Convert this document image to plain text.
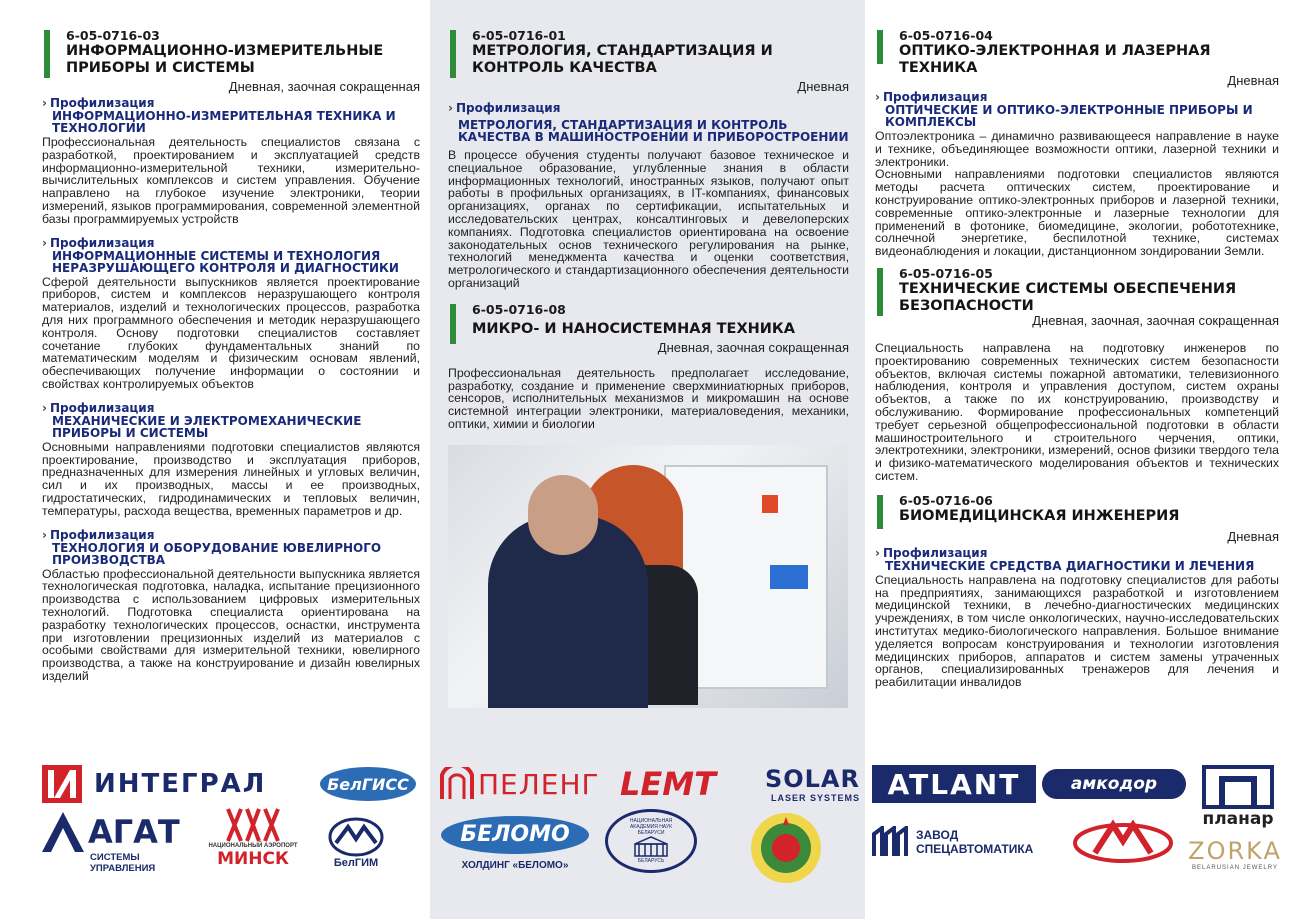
6-05-0716-03
ИНФОРМАЦИОННО-ИЗМЕРИТЕЛЬНЫЕ ПРИБОРЫ И СИСТЕМЫ
Дневная, заочная сокращенная
› Профилизация
ИНФОРМАЦИОННО-ИЗМЕРИТЕЛЬНАЯ ТЕХНИКА И ТЕХНОЛОГИИ

Профессиональная деятельность специалистов связана с разработкой, проектированием и эксплуатацией средств информационно-измерительной техники, измерительно-вычислительных комплексов и систем управления. Обучение направлено на глубокое изучение электроники, теории измерений, языков программирования, современной элементной базы программируемых устройств

› Профилизация
ИНФОРМАЦИОННЫЕ СИСТЕМЫ И ТЕХНОЛОГИЯ НЕРАЗРУШАЮЩЕГО КОНТРОЛЯ И ДИАГНОСТИКИ

Сферой деятельности выпускников является проектирование приборов, систем и комплексов неразрушающего контроля материалов, изделий и технологических процессов, разработка для них программного обеспечения и методик неразрушающего контроля. Основу подготовки специалистов составляет сочетание глубоких фундаментальных знаний по математическим моделям и физическим основам явлений, обеспечивающих получение информации о состоянии и свойствах контролируемых объектов

› Профилизация
МЕХАНИЧЕСКИЕ И ЭЛЕКТРОМЕХАНИЧЕСКИЕ ПРИБОРЫ И СИСТЕМЫ

Основными направлениями подготовки специалистов являются проектирование, производство и эксплуатация приборов, предназначенных для измерения линейных и угловых величин, сил и их производных, массы и ее производных, гидростатических, гидродинамических и тепловых величин, температуры, расхода вещества, временных параметров и др.

› Профилизация
ТЕХНОЛОГИЯ И ОБОРУДОВАНИЕ ЮВЕЛИРНОГО ПРОИЗВОДСТВА

Областью профессиональной деятельности выпускника является технологическая подготовка, наладка, испытание прецизионного производства с использованием цифровых измерительных технологий. Подготовка специалиста ориентирована на разработку технологических процессов, оснастки, инструмента при изготовлении прецизионных изделий из материалов с особыми свойствами для измерительной техники, ювелирного производства, а также на конструирование и дизайн ювелирных изделий

6-05-0716-01
МЕТРОЛОГИЯ, СТАНДАРТИЗАЦИЯ И КОНТРОЛЬ КАЧЕСТВА
Дневная
› Профилизация
МЕТРОЛОГИЯ, СТАНДАРТИЗАЦИЯ И КОНТРОЛЬ КАЧЕСТВА В МАШИНОСТРОЕНИИ И ПРИБОРОСТРОЕНИИ

В процессе обучения студенты получают базовое техническое и специальное образование, углубленные знания в области информационных технологий, иностранных языков, получают опыт работы в профильных организациях, в IT-компаниях, финансовых организациях, органах по сертификации, испытательных и исследовательских центрах, консалтинговых и девелоперских компаниях. Подготовка специалистов ориентирована на освоение законодательных основ технического регулирования на рынке, технологий менеджмента качества и оценки соответствия, метрологического и стандартизационного обеспечения деятельности организаций

6-05-0716-08
МИКРО- И НАНОСИСТЕМНАЯ ТЕХНИКА
Дневная, заочная сокращенная

Профессиональная деятельность предполагает исследование, разработку, создание и применение сверхминиатюрных приборов, сенсоров, исполнительных механизмов и микромашин на основе системной интеграции электроники, материаловедения, механики, оптики, химии и биологии

6-05-0716-04
ОПТИКО-ЭЛЕКТРОННАЯ И ЛАЗЕРНАЯ ТЕХНИКА
Дневная
› Профилизация
ОПТИЧЕСКИЕ И ОПТИКО-ЭЛЕКТРОННЫЕ ПРИБОРЫ И КОМПЛЕКСЫ

Оптоэлектроника – динамично развивающееся направление в науке и технике, объединяющее возможности оптики, лазерной техники и электроники.

Основными направлениями подготовки специалистов являются методы расчета оптических систем, проектирование и конструирование оптико-электронных приборов и лазерной техники, современные оптико-электронные и лазерные технологии для применений в фотонике, биомедицине, экологии, робототехнике, солнечной энергетике, беспилотной технике, системах видеонаблюдения и локации, дистанционном зондировании Земли.

6-05-0716-05
ТЕХНИЧЕСКИЕ СИСТЕМЫ ОБЕСПЕЧЕНИЯ БЕЗОПАСНОСТИ
Дневная, заочная, заочная сокращенная

Специальность направлена на подготовку инженеров по проектированию современных технических систем безопасности объектов, включая системы пожарной автоматики, телевизионного наблюдения, контроля и управления доступом, систем охраны объектов, а также по их конструированию, производству и обслуживанию. Формирование профессиональных компетенций требует серьезной общепрофессиональной подготовки в области машиностроительного и строительного черчения, оптики, электротехники, электроники, измерений, основ физики твердого тела и физико-математического моделирования объектов и технических систем.

6-05-0716-06
БИОМЕДИЦИНСКАЯ ИНЖЕНЕРИЯ
Дневная
› Профилизация
ТЕХНИЧЕСКИЕ СРЕДСТВА ДИАГНОСТИКИ И ЛЕЧЕНИЯ

Специальность направлена на подготовку специалистов для работы на предприятиях, занимающихся разработкой и изготовлением медицинской техники, в лечебно-диагностических медицинских учреждениях, в том числе онкологических, научно-исследовательских институтах медико-биологического направления. Большое внимание уделяется вопросам конструирования и технологии изготовления медицинских приборов, аппаратов и систем замены утраченных органов, специализированных тренажеров для лечения и реабилитации инвалидов

ИНТЕГРАЛ	БелГИСС
АГАТ
СИСТЕМЫ УПРАВЛЕНИЯ
НАЦИОНАЛЬНЫЙ АЭРОПОРТ
МИНСК	БелГИМ
ПЕЛЕНГ LEMT SOLAR
LASER SYSTEMS
БЕЛОМО
ХОЛДИНГ «БЕЛОМО»
НАЦИОНАЛЬНАЯ АКАДЕМИЯ НАУК БЕЛАРУСИ
БЕЛАРУСЬ
ATLANT	амкодор
планар
ЗАВОД
СПЕЦАВТОМАТИКА	ZORKA
BELARUSIAN JEWELRY
